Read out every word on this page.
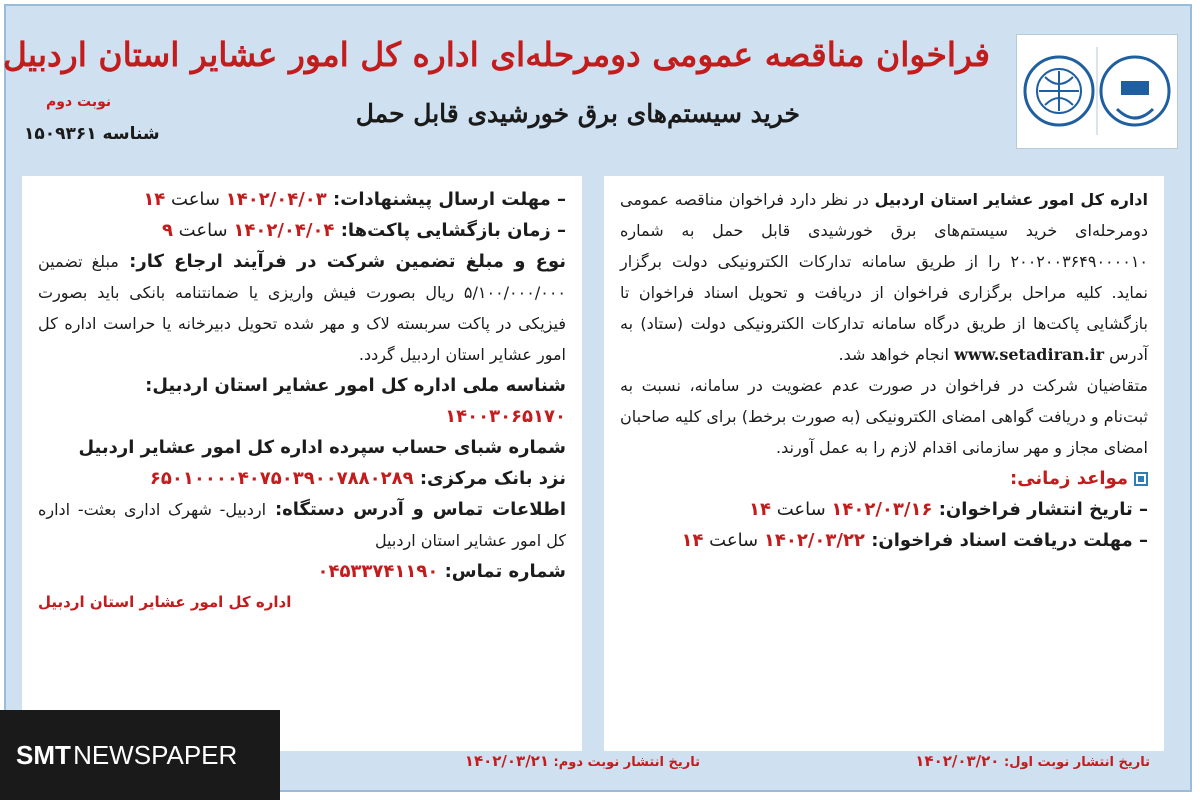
فراخوان مناقصه عمومی دومرحله‌ای اداره کل امور عشایر استان اردبیل
خرید سیستم‌های برق خورشیدی قابل حمل
نوبت دوم
شناسه ۱۵۰۹۳۶۱

اداره کل امور عشایر استان اردبیل در نظر دارد فراخوان مناقصه عمومی دومرحله‌ای خرید سیستم‌های برق خورشیدی قابل حمل به شماره ۲۰۰۲۰۰۳۶۴۹۰۰۰۰۱۰ را از طریق سامانه تدارکات الکترونیکی دولت برگزار نماید. کلیه مراحل برگزاری فراخوان از دریافت و تحویل اسناد فراخوان تا بازگشایی پاکت‌ها از طریق درگاه سامانه تدارکات الکترونیکی دولت (ستاد) به آدرس www.setadiran.ir انجام خواهد شد.

متقاضیان شرکت در فراخوان در صورت عدم عضویت در سامانه، نسبت به ثبت‌نام و دریافت گواهی امضای الکترونیکی (به صورت برخط) برای کلیه صاحبان امضای مجاز و مهر سازمانی اقدام لازم را به عمل آورند.

مواعد زمانی:
– تاریخ انتشار فراخوان: ۱۴۰۲/۰۳/۱۶ ساعت ۱۴
– مهلت دریافت اسناد فراخوان: ۱۴۰۲/۰۳/۲۲ ساعت ۱۴
– مهلت ارسال پیشنهادات: ۱۴۰۲/۰۴/۰۳ ساعت ۱۴
– زمان بازگشایی پاکت‌ها: ۱۴۰۲/۰۴/۰۴ ساعت ۹

نوع و مبلغ تضمین شرکت در فرآیند ارجاع کار: مبلغ تضمین ۵/۱۰۰/۰۰۰/۰۰۰ ریال بصورت فیش واریزی یا ضمانتنامه بانکی باید بصورت فیزیکی در پاکت سربسته لاک و مهر شده تحویل دبیرخانه یا حراست اداره کل امور عشایر استان اردبیل گردد.

شناسه ملی اداره کل امور عشایر استان اردبیل:
۱۴۰۰۳۰۶۵۱۷۰
شماره شبای حساب سپرده اداره کل امور عشایر اردبیل
نزد بانک مرکزی: ۶۵۰۱۰۰۰۰۴۰۷۵۰۳۹۰۰۷۸۸۰۲۸۹

اطلاعات تماس و آدرس دستگاه: اردبیل- شهرک اداری بعثت- اداره کل امور عشایر استان اردبیل

شماره تماس: ۰۴۵۳۳۷۴۱۱۹۰
اداره کل امور عشایر استان اردبیل
تاریخ انتشار نوبت اول: ۱۴۰۲/۰۳/۲۰
تاریخ انتشار نوبت دوم: ۱۴۰۲/۰۳/۲۱
SMT NEWSPAPER
